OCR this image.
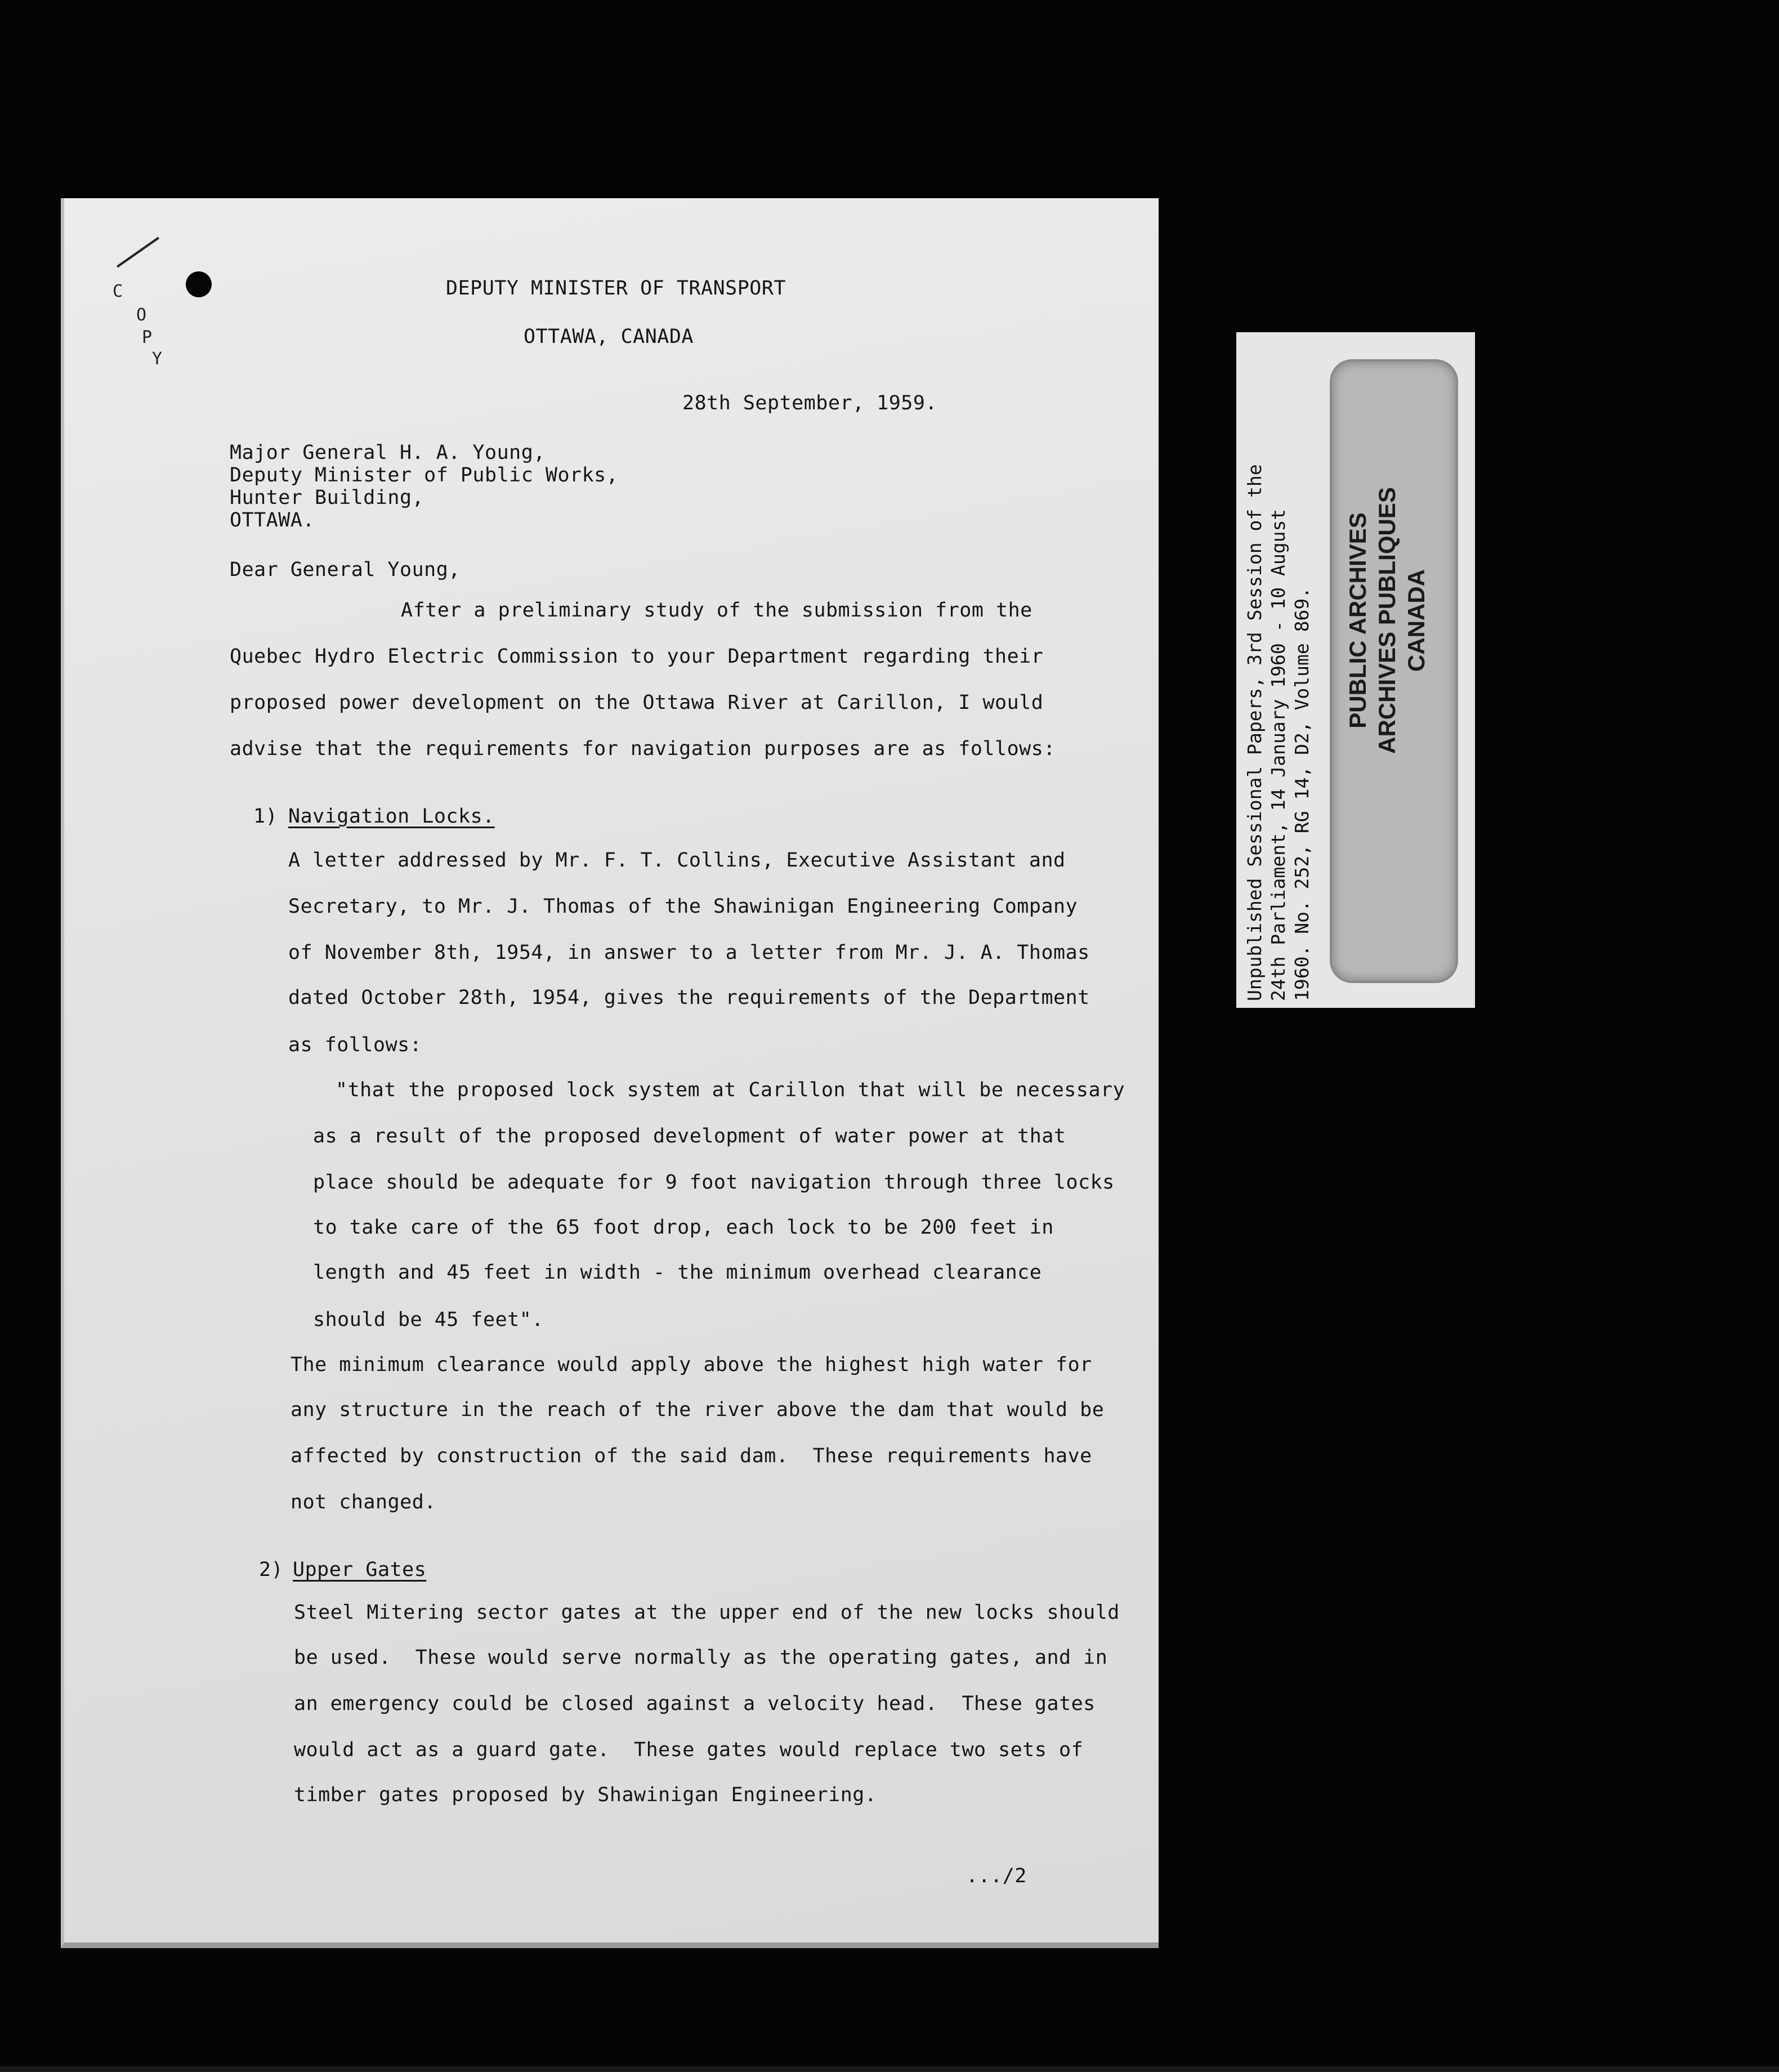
C
O
P
Y
DEPUTY MINISTER OF TRANSPORT
OTTAWA, CANADA
28th September, 1959.
Major General H. A. Young,
Deputy Minister of Public Works,
Hunter Building,
OTTAWA.
Dear General Young,
After a preliminary study of the submission from the
Quebec Hydro Electric Commission to your Department regarding their
proposed power development on the Ottawa River at Carillon, I would
advise that the requirements for navigation purposes are as follows:
1) Navigation Locks.
A letter addressed by Mr. F. T. Collins, Executive Assistant and
Secretary, to Mr. J. Thomas of the Shawinigan Engineering Company
of November 8th, 1954, in answer to a letter from Mr. J. A. Thomas
dated October 28th, 1954, gives the requirements of the Department
as follows:
"that the proposed lock system at Carillon that will be necessary
as a result of the proposed development of water power at that
place should be adequate for 9 foot navigation through three locks
to take care of the 65 foot drop, each lock to be 200 feet in
length and 45 feet in width - the minimum overhead clearance
should be 45 feet".
The minimum clearance would apply above the highest high water for
any structure in the reach of the river above the dam that would be
affected by construction of the said dam.  These requirements have
not changed.
2) Upper Gates
Steel Mitering sector gates at the upper end of the new locks should
be used.  These would serve normally as the operating gates, and in
an emergency could be closed against a velocity head.  These gates
would act as a guard gate.  These gates would replace two sets of
timber gates proposed by Shawinigan Engineering.
.../2
Unpublished Sessional Papers, 3rd Session of the 24th Parliament, 14 January 1960 - 10 August 1960. No. 252, RG 14, D2, Volume 869. PUBLIC ARCHIVES ARCHIVES PUBLIQUES CANADA
